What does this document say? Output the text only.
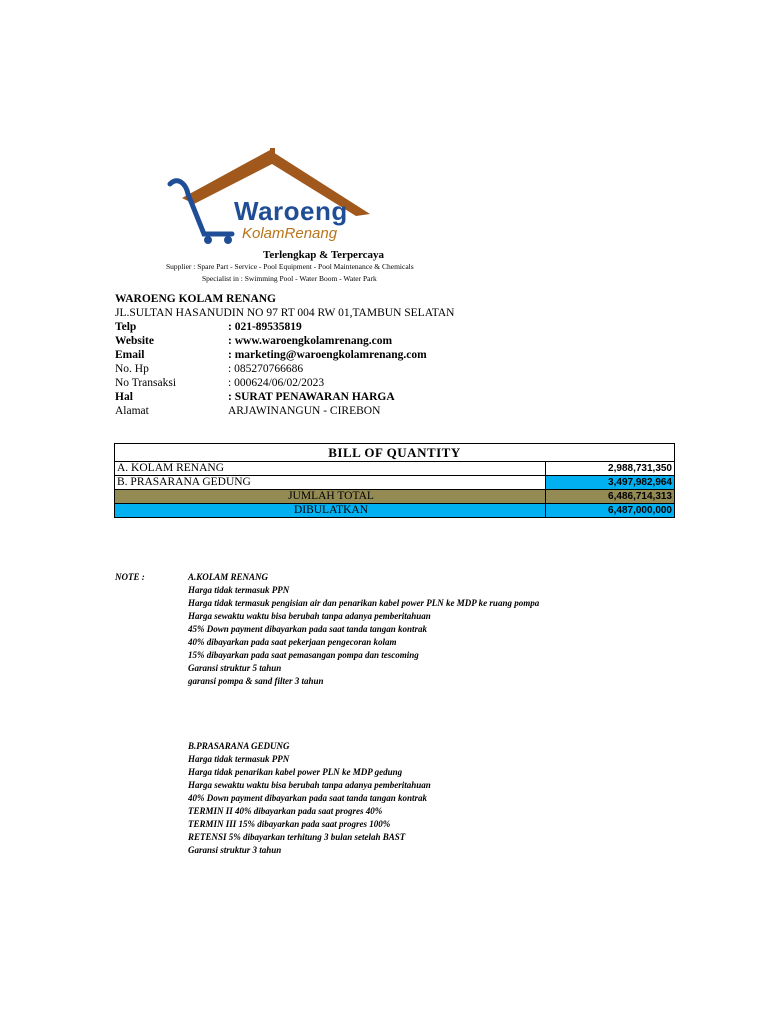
Waroeng
KolamRenang
Terlengkap & Terpercaya
Supplier : Spare Part - Service - Pool Equipment - Pool Maintenance & Chemicals
Specialist in : Swimming Pool - Water Boom - Water Park
WAROENG KOLAM RENANG
JL.SULTAN HASANUDIN NO 97 RT 004 RW 01,TAMBUN SELATAN
Telp	: 021-89535819
Website	: www.waroengkolamrenang.com
Email	: marketing@waroengkolamrenang.com
No. Hp	: 085270766686
No Transaksi	: 000624/06/02/2023
Hal	: SURAT PENAWARAN HARGA
Alamat	ARJAWINANGUN - CIREBON
BILL OF QUANTITY
A. KOLAM RENANG	2,988,731,350
B. PRASARANA GEDUNG	3,497,982,964
JUMLAH TOTAL	6,486,714,313
DIBULATKAN	6,487,000,000
NOTE :	A.KOLAM RENANG
Harga tidak termasuk PPN
Harga tidak termasuk pengisian air dan penarikan kabel power PLN ke MDP ke ruang pompa
Harga sewaktu waktu bisa berubah tanpa adanya pemberitahuan
45% Down payment dibayarkan pada saat tanda tangan kontrak
40% dibayarkan pada saat pekerjaan pengecoran kolam
15% dibayarkan pada saat pemasangan pompa dan tescoming
Garansi struktur 5 tahun
garansi pompa & sand filter 3 tahun
B.PRASARANA GEDUNG
Harga tidak termasuk PPN
Harga tidak penarikan kabel power PLN ke MDP gedung
Harga sewaktu waktu bisa berubah tanpa adanya pemberitahuan
40% Down payment dibayarkan pada saat tanda tangan kontrak
TERMIN II 40% dibayarkan pada saat progres 40%
TERMIN III 15% dibayarkan pada saat progres 100%
RETENSI 5% dibayarkan terhitung 3 bulan setelah BAST
Garansi struktur 3 tahun
